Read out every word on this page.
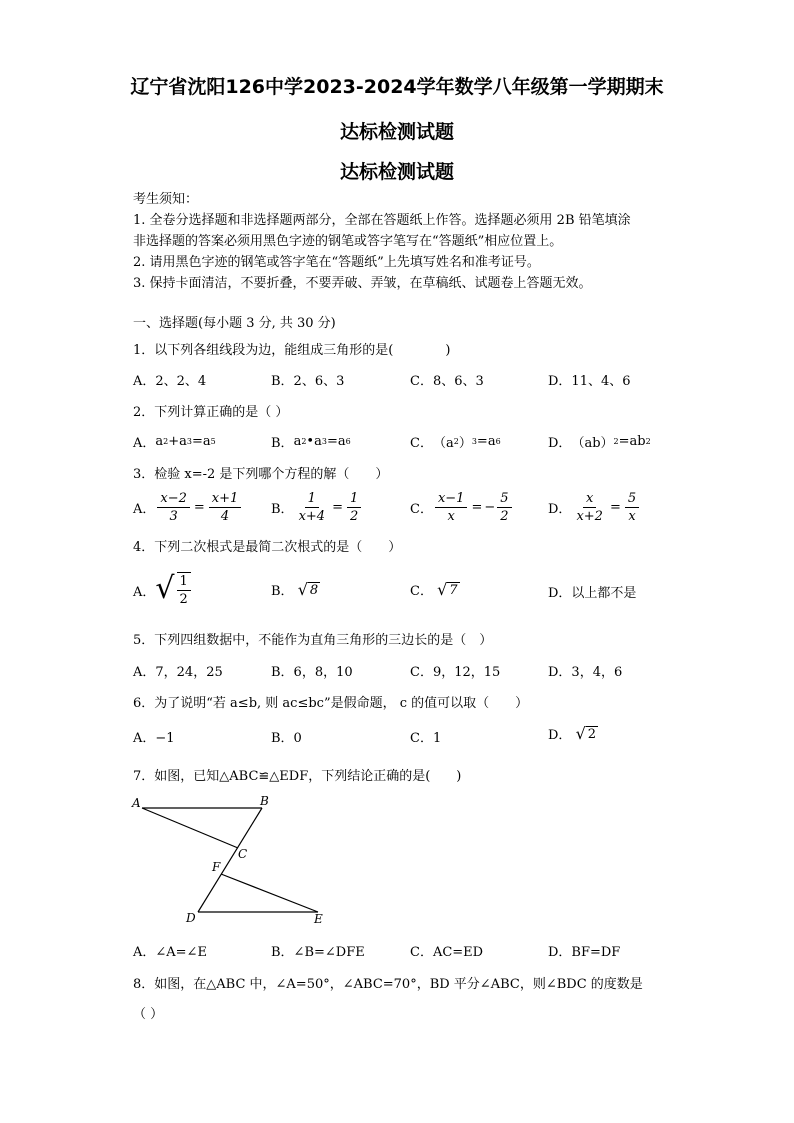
辽宁省沈阳126中学2023-2024学年数学八年级第一学期期末
达标检测试题
达标检测试题
考生须知：
1. 全卷分选择题和非选择题两部分，全部在答题纸上作答。选择题必须用 2B 铅笔填涂
非选择题的答案必须用黑色字迹的钢笔或答字笔写在“答题纸”相应位置上。
2. 请用黑色字迹的钢笔或答字笔在“答题纸”上先填写姓名和准考证号。
3. 保持卡面清洁，不要折叠，不要弄破、弄皱，在草稿纸、试题卷上答题无效。
一、选择题(每小题 3 分, 共 30 分)
1．以下列各组线段为边，能组成三角形的是(　　　　)
A．2、2、4	B．2、6、3	C．8、6、3	D．11、4、6
2．下列计算正确的是（ ）
A． a 2 +a 3 =a 5	B． a 2 •a 3 =a 6	C． （a 2 ） 3 =a 6	D． （ab） 2 =ab 2
3．检验 x=-2 是下列哪个方程的解（　　）
A． $\frac{x-2}{3} = \frac{x+1}{4}$ B． $\frac{1}{x+4} = \frac{1}{2}$	C． $\frac{x-1}{x}$ = − $\frac{5}{2}$	D． $\frac{x}{x+2} = \frac{5}{x}$
4．下列二次根式是最简二次根式的是（　　）
A． √ $\frac{1}{2}$	B．
√ 8	C．
√ 7	D．以上都不是
5．下列四组数据中，不能作为直角三角形的三边长的是（　）
A．7，24，25	B．6，8，10	C．9，12，15	D．3，4，6
6．为了说明“若 a≤b, 则 ac≤bc”是假命题， c 的值可以取（　　）
A．−1	B．0	C．1	D．
√ 2
7．如图，已知△ABC≌△EDF，下列结论正确的是(　　)
A	B
C
F
D	E
A．∠A=∠E	B．∠B=∠DFE	C．AC=ED	D．BF=DF
8．如图，在△ABC 中，∠A=50°，∠ABC=70°，BD 平分∠ABC，则∠BDC 的度数是
（ ）
